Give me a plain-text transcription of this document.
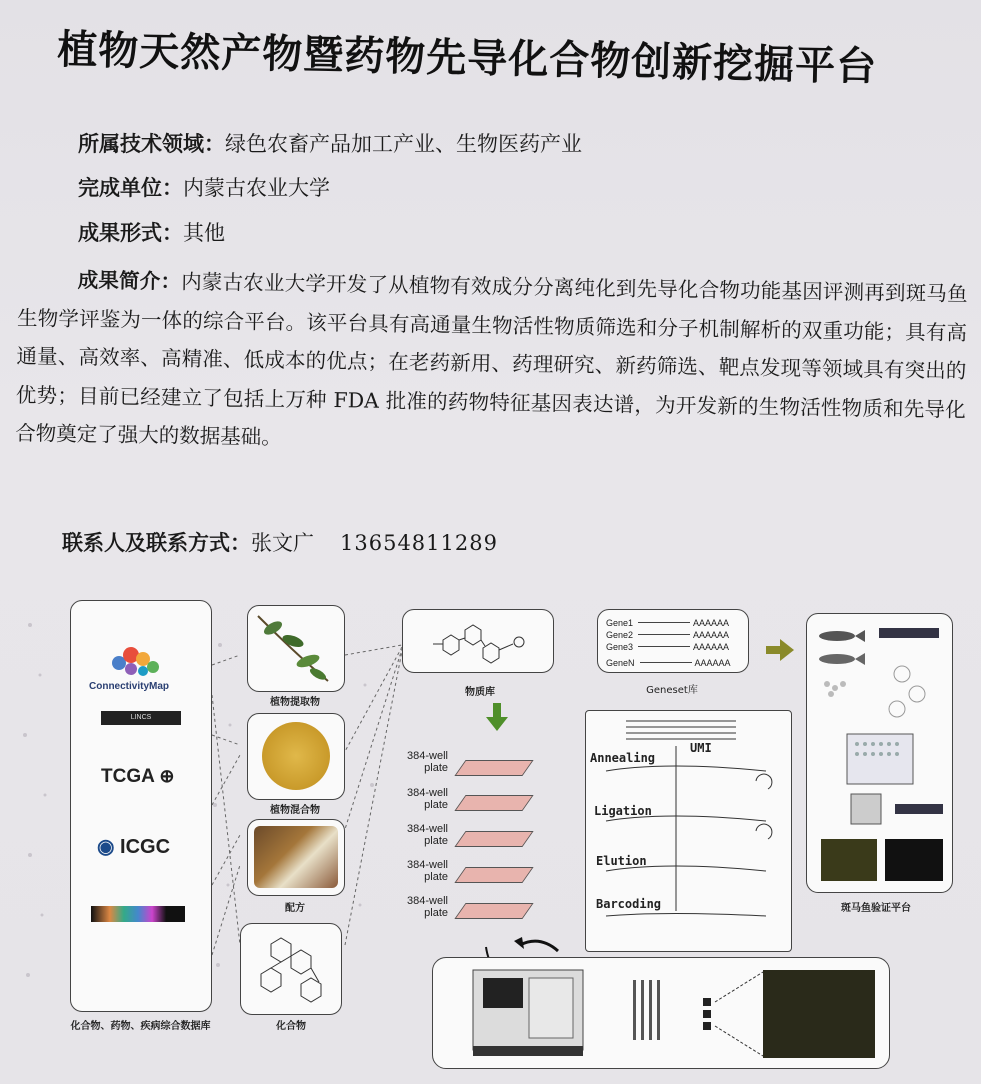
植物天然产物暨药物先导化合物创新挖掘平台
所属技术领域：绿色农畜产品加工产业、生物医药产业
完成单位：内蒙古农业大学
成果形式：其他
成果简介：内蒙古农业大学开发了从植物有效成分分离纯化到先导化合物功能基因评测再到斑马鱼生物学评鉴为一体的综合平台。该平台具有高通量生物活性物质筛选和分子机制解析的双重功能；具有高通量、高效率、高精准、低成本的优点；在老药新用、药理研究、新药筛选、靶点发现等领域具有突出的优势；目前已经建立了包括上万种 FDA 批准的药物特征基因表达谱，为开发新的生物活性物质和先导化合物奠定了强大的数据基础。
联系人及联系方式：张文广 13654811289
ConnectivityMap
LINCS
TCGA ⊕
◉ ICGC
化合物、药物、疾病综合数据库
植物提取物
植物混合物
配方
化合物
物质库
384-well
plate
384-well
plate
384-well
plate
384-well
plate
384-well
plate
Gene1	AAAAAA
Gene2	AAAAAA
Gene3	AAAAAA
GeneN	AAAAAA
Geneset库
UMI
Annealing
Ligation
Elution
Barcoding	斑马鱼验证平台
